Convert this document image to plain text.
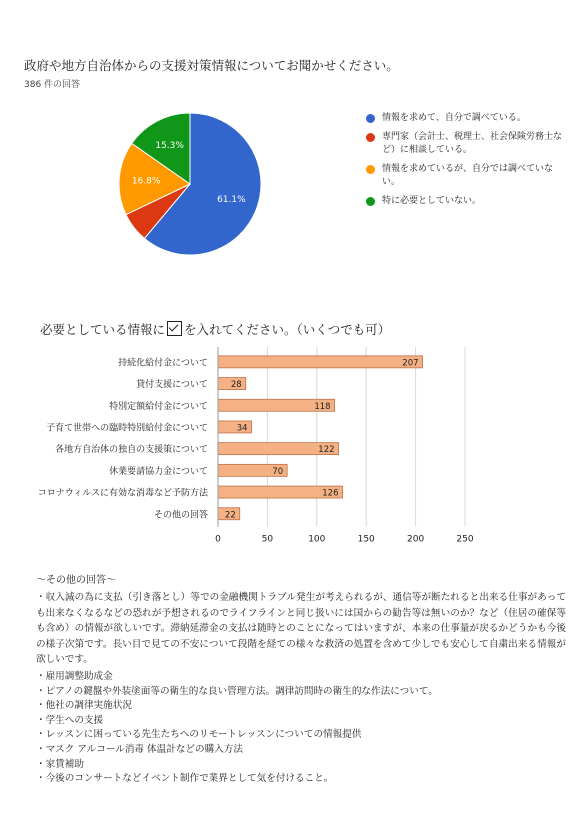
政府や地方自治体からの支援対策情報についてお聞かせください。
386 件の回答
61.1%
16.8%
15.3%
情報を求めて、自分で調べている。
専門家（会計士、税理士、社会保険労務士など）に相談している。
情報を求めているが、自分では調べていない。
特に必要としていない。
必要としている情報に を入れてください。（いくつでも可）
0	50	100	150	200	250
持続化給付金について	207
貸付支援について	28
特別定額給付金について	118
子育て世帯への臨時特別給付金について	34
各地方自治体の独自の支援策について	122
休業要請協力金について	70
コロナウィルスに有効な消毒など予防方法	126
その他の回答 22
〜その他の回答〜
・収入減の為に支払（引き落とし）等での金融機関トラブル発生が考えられるが、通信等が断たれると出来る仕事があっても出来なくなるなどの恐れが予想されるのでライフラインと同じ扱いには国からの勧告等は無いのか？など（住居の確保等も含め）の情報が欲しいです。滞納延滞金の支払は随時とのことになってはいますが、本来の仕事量が戻るかどうかも今後の様子次第です。長い目で見ての不安について段階を経ての様々な救済の処置を含めて少しでも安心して自粛出来る情報が欲しいです。
・雇用調整助成金
・ピアノの鍵盤や外装塗面等の衛生的な良い管理方法。調律訪問時の衛生的な作法について。
・他社の調律実施状況
・学生への支援
・レッスンに困っている先生たちへのリモートレッスンについての情報提供
・マスク アルコール消毒 体温計などの購入方法
・家賃補助
・今後のコンサートなどイベント制作で業界として気を付けること。
